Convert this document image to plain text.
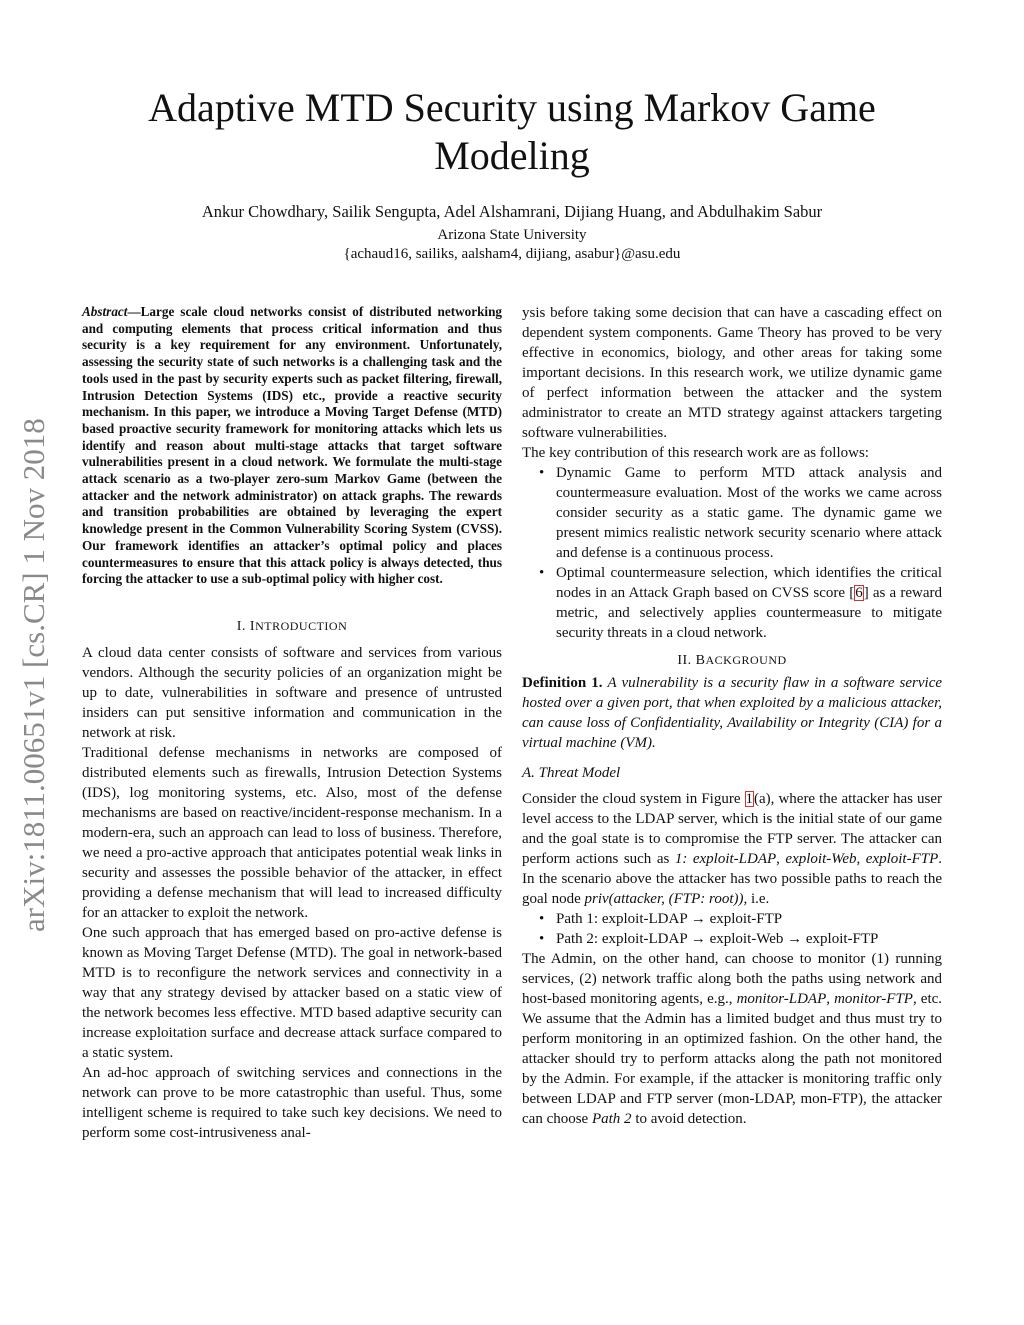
arXiv:1811.00651v1 [cs.CR] 1 Nov 2018
Adaptive MTD Security using Markov Game
Modeling
Ankur Chowdhary, Sailik Sengupta, Adel Alshamrani, Dijiang Huang, and Abdulhakim Sabur
Arizona State University
{achaud16, sailiks, aalsham4, dijiang, asabur}@asu.edu
Abstract—Large scale cloud networks consist of distributed networking and computing elements that process critical information and thus security is a key requirement for any environment. Unfortunately, assessing the security state of such networks is a challenging task and the tools used in the past by security experts such as packet filtering, firewall, Intrusion Detection Systems (IDS) etc., provide a reactive security mechanism. In this paper, we introduce a Moving Target Defense (MTD) based proactive security framework for monitoring attacks which lets us identify and reason about multi-stage attacks that target software vulnerabilities present in a cloud network. We formulate the multi-stage attack scenario as a two-player zero-sum Markov Game (between the attacker and the network administrator) on attack graphs. The rewards and transition probabilities are obtained by leveraging the expert knowledge present in the Common Vulnerability Scoring System (CVSS). Our framework identifies an attacker’s optimal policy and places countermeasures to ensure that this attack policy is always detected, thus forcing the attacker to use a sub-optimal policy with higher cost.
I. INTRODUCTION

A cloud data center consists of software and services from various vendors. Although the security policies of an organization might be up to date, vulnerabilities in software and presence of untrusted insiders can put sensitive information and communication in the network at risk.

Traditional defense mechanisms in networks are composed of distributed elements such as firewalls, Intrusion Detection Systems (IDS), log monitoring systems, etc. Also, most of the defense mechanisms are based on reactive/incident-response mechanism. In a modern-era, such an approach can lead to loss of business. Therefore, we need a pro-active approach that anticipates potential weak links in security and assesses the possible behavior of the attacker, in effect providing a defense mechanism that will lead to increased difficulty for an attacker to exploit the network.

One such approach that has emerged based on pro-active defense is known as Moving Target Defense (MTD). The goal in network-based MTD is to reconfigure the network services and connectivity in a way that any strategy devised by attacker based on a static view of the network becomes less effective. MTD based adaptive security can increase exploitation surface and decrease attack surface compared to a static system.

An ad-hoc approach of switching services and connections in the network can prove to be more catastrophic than useful. Thus, some intelligent scheme is required to take such key decisions. We need to perform some cost-intrusiveness anal-

ysis before taking some decision that can have a cascading effect on dependent system components. Game Theory has proved to be very effective in economics, biology, and other areas for taking some important decisions. In this research work, we utilize dynamic game of perfect information between the attacker and the system administrator to create an MTD strategy against attackers targeting software vulnerabilities.

The key contribution of this research work are as follows:

• Dynamic Game to perform MTD attack analysis and countermeasure evaluation. Most of the works we came across consider security as a static game. The dynamic game we present mimics realistic network security scenario where attack and defense is a continuous process.
• Optimal countermeasure selection, which identifies the critical nodes in an Attack Graph based on CVSS score [6] as a reward metric, and selectively applies countermeasure to mitigate security threats in a cloud network.
II. BACKGROUND

Definition 1. A vulnerability is a security flaw in a software service hosted over a given port, that when exploited by a malicious attacker, can cause loss of Confidentiality, Availability or Integrity (CIA) for a virtual machine (VM).

A. Threat Model

Consider the cloud system in Figure 1(a), where the attacker has user level access to the LDAP server, which is the initial state of our game and the goal state is to compromise the FTP server. The attacker can perform actions such as 1: exploit-LDAP, exploit-Web, exploit-FTP. In the scenario above the attacker has two possible paths to reach the goal node priv(attacker, (FTP: root)), i.e.

• Path 1: exploit-LDAP → exploit-FTP
• Path 2: exploit-LDAP → exploit-Web → exploit-FTP

The Admin, on the other hand, can choose to monitor (1) running services, (2) network traffic along both the paths using network and host-based monitoring agents, e.g., monitor-LDAP, monitor-FTP, etc. We assume that the Admin has a limited budget and thus must try to perform monitoring in an optimized fashion. On the other hand, the attacker should try to perform attacks along the path not monitored by the Admin. For example, if the attacker is monitoring traffic only between LDAP and FTP server (mon-LDAP, mon-FTP), the attacker can choose Path 2 to avoid detection.
